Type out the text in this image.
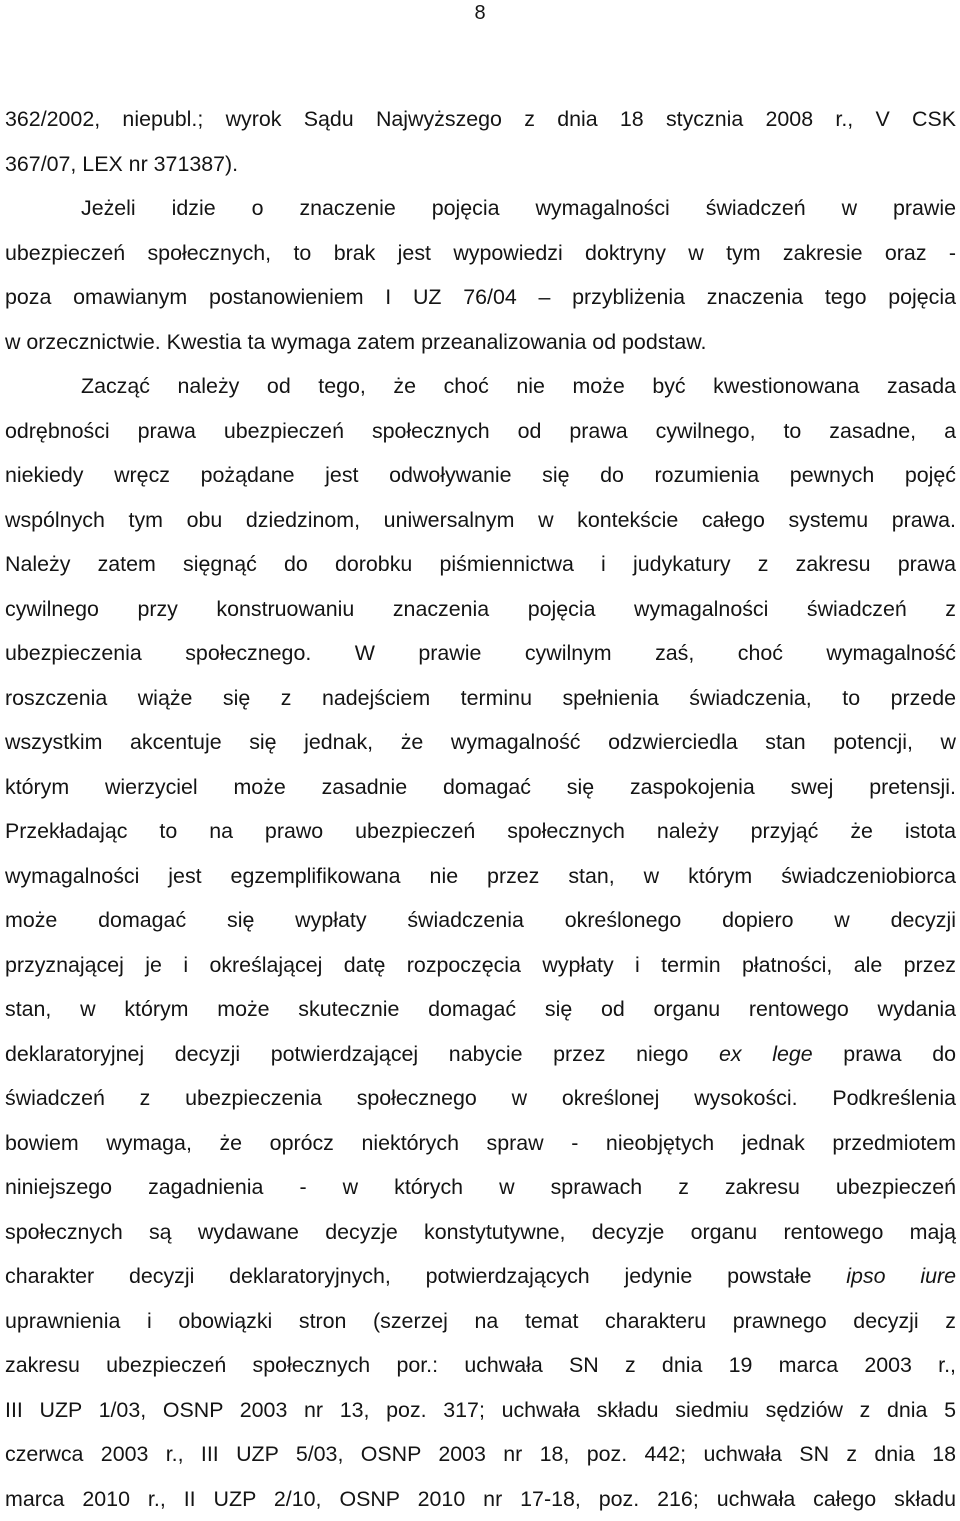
8

362/2002, niepubl.; wyrok Sądu Najwyższego z dnia 18 stycznia 2008 r., V CSK

367/07, LEX nr 371387).

Jeżeli idzie o znaczenie pojęcia wymagalności świadczeń w prawie

ubezpieczeń społecznych, to brak jest wypowiedzi doktryny w tym zakresie oraz -

poza omawianym postanowieniem I UZ 76/04 – przybliżenia znaczenia tego pojęcia

w orzecznictwie. Kwestia ta wymaga zatem przeanalizowania od podstaw.

Zacząć należy od tego, że choć nie może być kwestionowana zasada

odrębności prawa ubezpieczeń społecznych od prawa cywilnego, to zasadne, a

niekiedy wręcz pożądane jest odwoływanie się do rozumienia pewnych pojęć

wspólnych tym obu dziedzinom, uniwersalnym w kontekście całego systemu prawa.

Należy zatem sięgnąć do dorobku piśmiennictwa i judykatury z zakresu prawa

cywilnego przy konstruowaniu znaczenia pojęcia wymagalności świadczeń z

ubezpieczenia społecznego. W prawie cywilnym zaś, choć wymagalność

roszczenia wiąże się z nadejściem terminu spełnienia świadczenia, to przede

wszystkim akcentuje się jednak, że wymagalność odzwierciedla stan potencji, w

którym wierzyciel może zasadnie domagać się zaspokojenia swej pretensji.

Przekładając to na prawo ubezpieczeń społecznych należy przyjąć że istota

wymagalności jest egzemplifikowana nie przez stan, w którym świadczeniobiorca

może domagać się wypłaty świadczenia określonego dopiero w decyzji

przyznającej je i określającej datę rozpoczęcia wypłaty i termin płatności, ale przez

stan, w którym może skutecznie domagać się od organu rentowego wydania

deklaratoryjnej decyzji potwierdzającej nabycie przez niego ex lege prawa do

świadczeń z ubezpieczenia społecznego w określonej wysokości. Podkreślenia

bowiem wymaga, że oprócz niektórych spraw - nieobjętych jednak przedmiotem

niniejszego zagadnienia - w których w sprawach z zakresu ubezpieczeń

społecznych są wydawane decyzje konstytutywne, decyzje organu rentowego mają

charakter decyzji deklaratoryjnych, potwierdzających jedynie powstałe ipso iure

uprawnienia i obowiązki stron (szerzej na temat charakteru prawnego decyzji z

zakresu ubezpieczeń społecznych por.: uchwała SN z dnia 19 marca 2003 r.,

III UZP 1/03, OSNP 2003 nr 13, poz. 317; uchwała składu siedmiu sędziów z dnia 5

czerwca 2003 r., III UZP 5/03, OSNP 2003 nr 18, poz. 442; uchwała SN z dnia 18

marca 2010 r., II UZP 2/10, OSNP 2010 nr 17-18, poz. 216; uchwała całego składu
